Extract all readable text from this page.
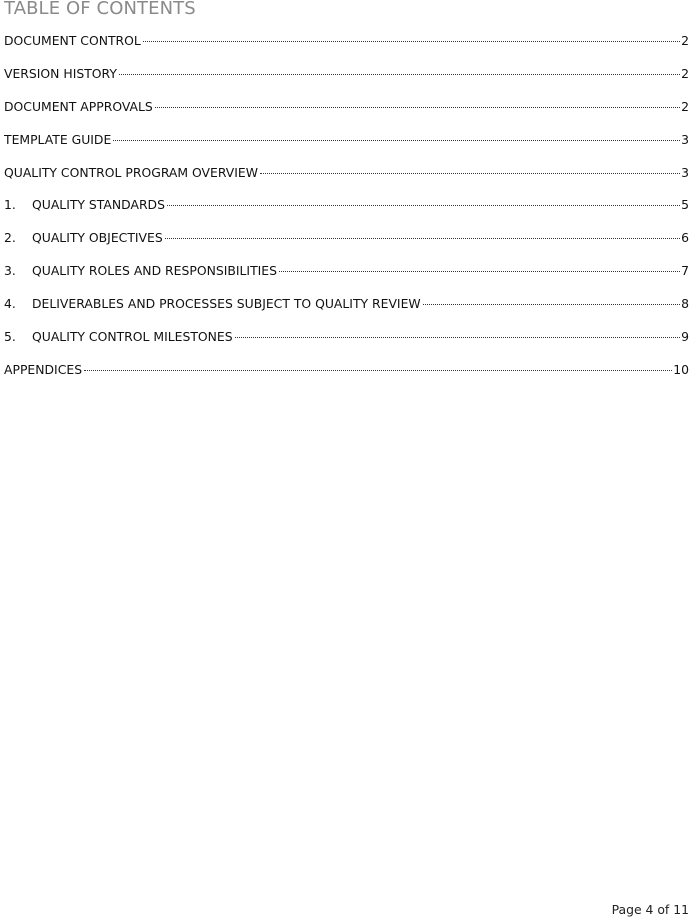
TABLE OF CONTENTS
DOCUMENT CONTROL	2
VERSION HISTORY	2
DOCUMENT APPROVALS	2
TEMPLATE GUIDE	3
QUALITY CONTROL PROGRAM OVERVIEW	3
1.	QUALITY STANDARDS	5
2.	QUALITY OBJECTIVES	6
3.	QUALITY ROLES AND RESPONSIBILITIES	7
4.	DELIVERABLES AND PROCESSES SUBJECT TO QUALITY REVIEW	8
5.	QUALITY CONTROL MILESTONES	9
APPENDICES	10
Page 4 of 11
